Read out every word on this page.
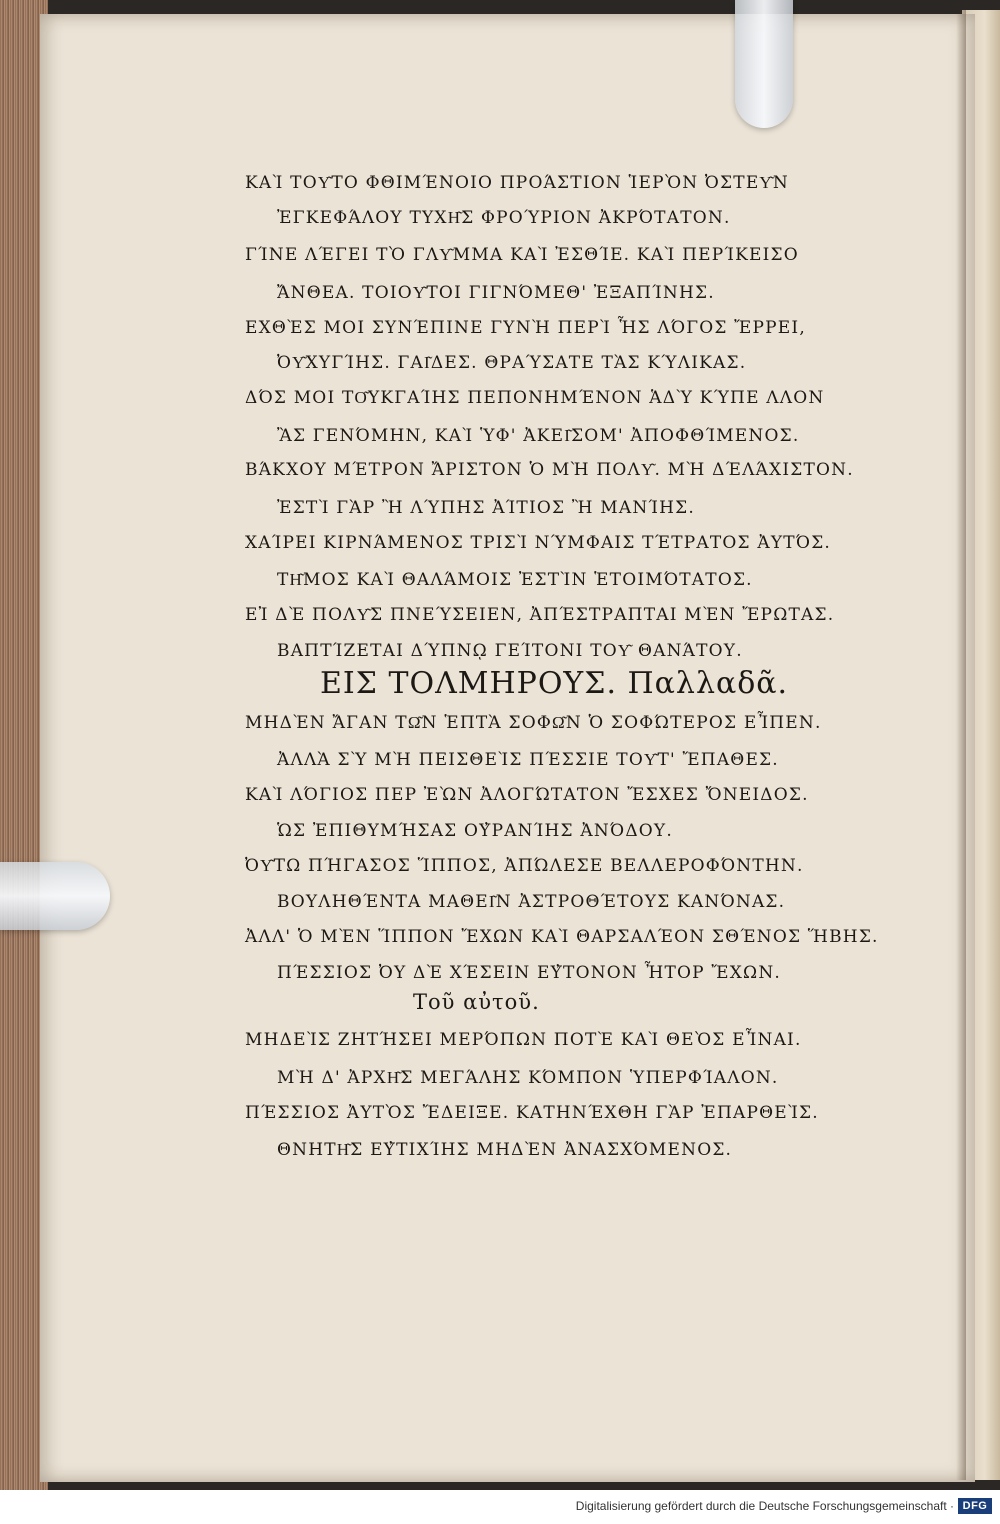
ΚΑῚ ΤΟΥ͂ΤΟ ΦΘΙΜΈΝΟΙΟ ΠΡΟΆΣΤΙΟΝ ἹΕΡῸΝ ὈΣΤΕΥ͂Ν
ἘΓΚΕΦΆΛΟΥ ΤΥΧΗ͂Σ ΦΡΟΎΡΙΟΝ ἈΚΡΌΤΑΤΟΝ.
ΓΊΝΕ ΛΈΓΕΙ ΤῸ ΓΛΥ͂ΜΜΑ ΚΑῚ ἘΣΘΊΕ. ΚΑῚ ΠΕΡΊΚΕΙΣΟ
ἌΝΘΕΑ. ΤΟΙΟΥ͂ΤΟΙ ΓΙΓΝΌΜΕΘ' ἘΞΑΠΊΝΗΣ.
ΕΧΘῈΣ ΜΟΙ ΣΥΝΈΠΙΝΕ ΓΥΝῊ ΠΕΡῚ ἯΣ ΛΌΓΟΣ ἜΡΡΕΙ,
ὈΥ͂ΧΥΓΊΗΣ. ΓΑΙ͂ΔΕΣ. ΘΡΑΎΣΑΤΕ ΤᾺΣ ΚΎΛΙΚΑΣ.
ΔΌΣ ΜΟΙ ΤΟ͂ΥΚΓΑΊΗΣ ΠΕΠΟΝΗΜΈΝΟΝ ἉΔῪ ΚΎΠΕ ΛΛΟΝ
ἊΣ ΓΕΝΌΜΗΝ, ΚΑῚ ὙΦ' ἈΚΕΙ͂ΣΟΜ' ἈΠΟΦΘΊΜΕΝΟΣ.
ΒΆΚΧΟΥ ΜΈΤΡΟΝ ἌΡΙΣΤΟΝ Ὁ ΜῊ ΠΟΛΥ͂. ΜῊ ΔΈΛΆΧΙΣΤΟΝ.
ἘΣΤῚ ΓᾺΡ Ἢ ΛΎΠΗΣ ἈΊΤΙΟΣ Ἢ ΜΑΝΊΗΣ.
ΧΑΊΡΕΙ ΚΙΡΝΆΜΕΝΟΣ ΤΡΙΣῚ ΝΎΜΦΑΙΣ ΤΈΤΡΑΤΟΣ ἈΥΤΌΣ.
ΤΗ͂ΜΟΣ ΚΑῚ ΘΑΛΆΜΟΙΣ ἘΣΤῚΝ ἙΤΟΙΜΌΤΑΤΟΣ.
ΕἸ ΔῈ ΠΟΛΥ͂Σ ΠΝΕΎΣΕΙΕΝ, ἈΠΈΣΤΡΑΠΤΑΙ ΜῈΝ ἜΡΩΤΑΣ.
ΒΑΠΤΊΖΕΤΑΙ ΔΎΠΝῼ ΓΕΊΤΟΝΙ ΤΟΥ͂ ΘΑΝΆΤΟΥ.
ΕΙΣ ΤΟΛΜΗΡΟΥΣ. Παλλαδᾶ.
ΜΗΔῈΝ ἌΓΑΝ ΤΩ͂Ν ἙΠΤᾺ ΣΟΦΩ͂Ν Ὁ ΣΟΦΏΤΕΡΟΣ ΕἾΠΕΝ.
ἈΛΛᾺ ΣῪ ΜῊ ΠΕΙΣΘΕῚΣ ΠΈΣΣΙΕ ΤΟΥ͂Τ' ἜΠΑΘΕΣ.
ΚΑῚ ΛΌΓΙΟΣ ΠΕΡ ἘῺΝ ἈΛΟΓΏΤΑΤΟΝ ἜΣΧΕΣ ὌΝΕΙΔΟΣ.
ὩΣ ἘΠΙΘΥΜΉΣΑΣ ΟΥ̓ΡΑΝΊΗΣ ἈΝΌΔΟΥ.
ὈΥ͂ΤΩ ΠΉΓΑΣΟΣ ἽΠΠΟΣ, ἈΠΏΛΕΣΕ ΒΕΛΛΕΡΟΦΌΝΤΗΝ.
ΒΟΥΛΗΘΈΝΤΑ ΜΑΘΕΙ͂Ν ἈΣΤΡΟΘΈΤΟΥΣ ΚΑΝΌΝΑΣ.
ἈΛΛ' Ὁ ΜῈΝ ἽΠΠΟΝ ἜΧΩΝ ΚΑῚ ΘΑΡΣΑΛΈΟΝ ΣΘΈΝΟΣ ἭΒΗΣ.
ΠΈΣΣΙΟΣ ὈΥ ΔῈ ΧΈΣΕΙΝ ΕΥ̓ΤΟΝΟΝ ἮΤΟΡ ἜΧΩΝ.
Τοῦ αὐτοῦ.
ΜΗΔΕῚΣ ΖΗΤΉΣΕΙ ΜΕΡΌΠΩΝ ΠΟΤῈ ΚΑῚ ΘΕῸΣ ΕἾΝΑΙ.
ΜῊ Δ' ἈΡΧΗ͂Σ ΜΕΓΆΛΗΣ ΚΌΜΠΟΝ ὙΠΕΡΦΊΑΛΟΝ.
ΠΈΣΣΙΟΣ ἈΥΤῸΣ ἜΔΕΙΞΕ. ΚΑΤΗΝΈΧΘΗ ΓᾺΡ ἘΠΑΡΘΕῚΣ.
ΘΝΗΤΗ͂Σ ΕΥ̓ΤΙΧΊΗΣ ΜΗΔῈΝ ἈΝΑΣΧΌΜΕΝΟΣ.
Digitalisierung gefördert durch die Deutsche Forschungsgemeinschaft · DFG
